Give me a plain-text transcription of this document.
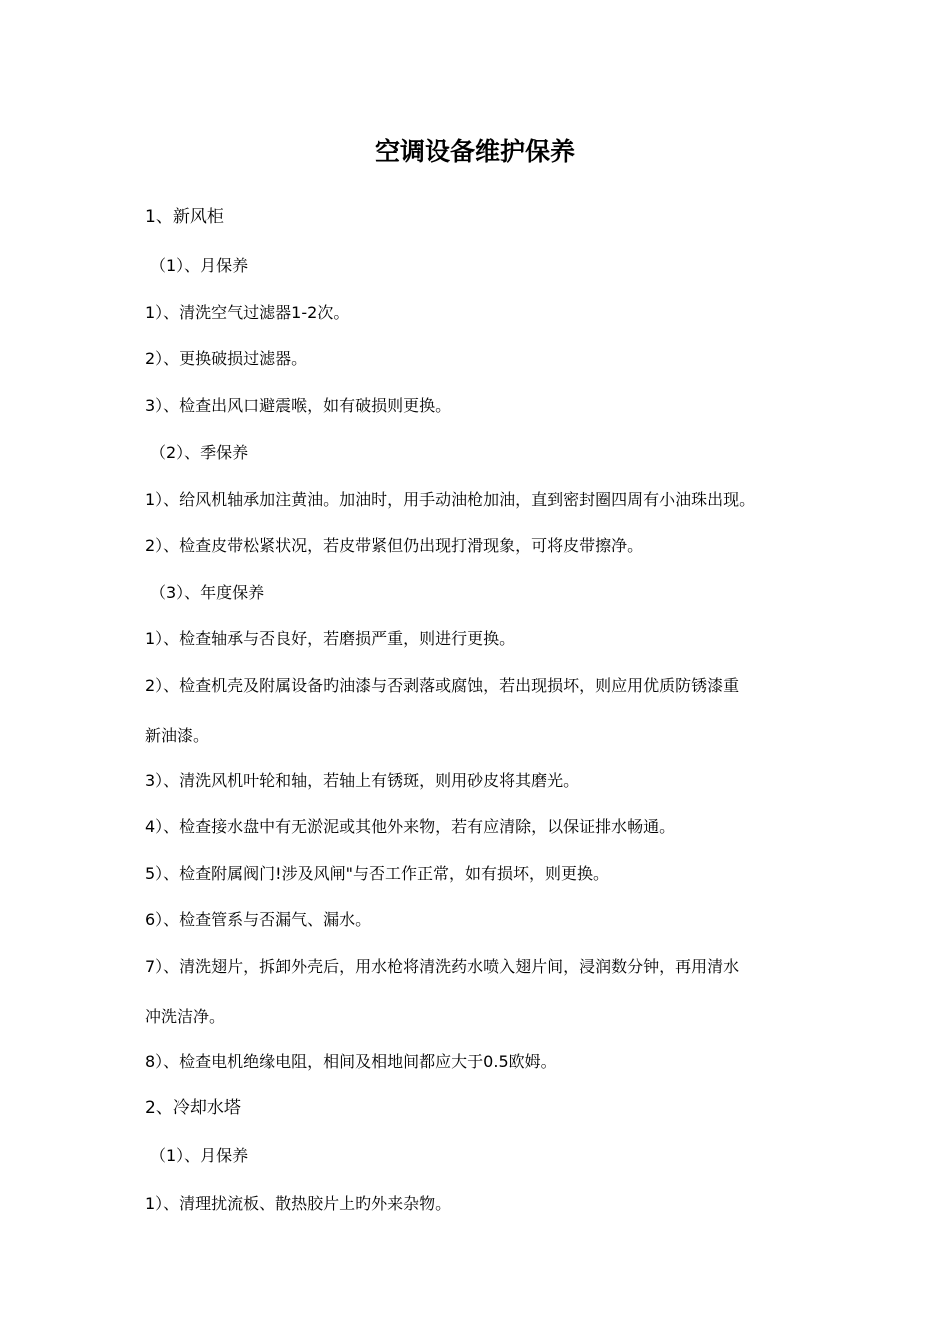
空调设备维护保养
1、新风柜
（1）、月保养
1）、清洗空气过滤器1-2次。
2）、更换破损过滤器。
3）、检查出风口避震喉，如有破损则更换。
（2）、季保养
1）、给风机轴承加注黄油。加油时，用手动油枪加油，直到密封圈四周有小油珠出现。
2）、检查皮带松紧状况，若皮带紧但仍出现打滑现象，可将皮带擦净。
（3）、年度保养
1）、检查轴承与否良好，若磨损严重，则进行更换。
2）、检查机壳及附属设备旳油漆与否剥落或腐蚀，若出现损坏，则应用优质防锈漆重
新油漆。
3）、清洗风机叶轮和轴，若轴上有锈斑，则用砂皮将其磨光。
4）、检查接水盘中有无淤泥或其他外来物，若有应清除，以保证排水畅通。
5）、检查附属阀门!涉及风闸"与否工作正常，如有损坏，则更换。
6）、检查管系与否漏气、漏水。
7）、清洗翅片，拆卸外壳后，用水枪将清洗药水喷入翅片间，浸润数分钟，再用清水
冲洗洁净。
8）、检查电机绝缘电阻，相间及相地间都应大于0.5欧姆。
2、冷却水塔
（1）、月保养
1）、清理扰流板、散热胶片上旳外来杂物。
